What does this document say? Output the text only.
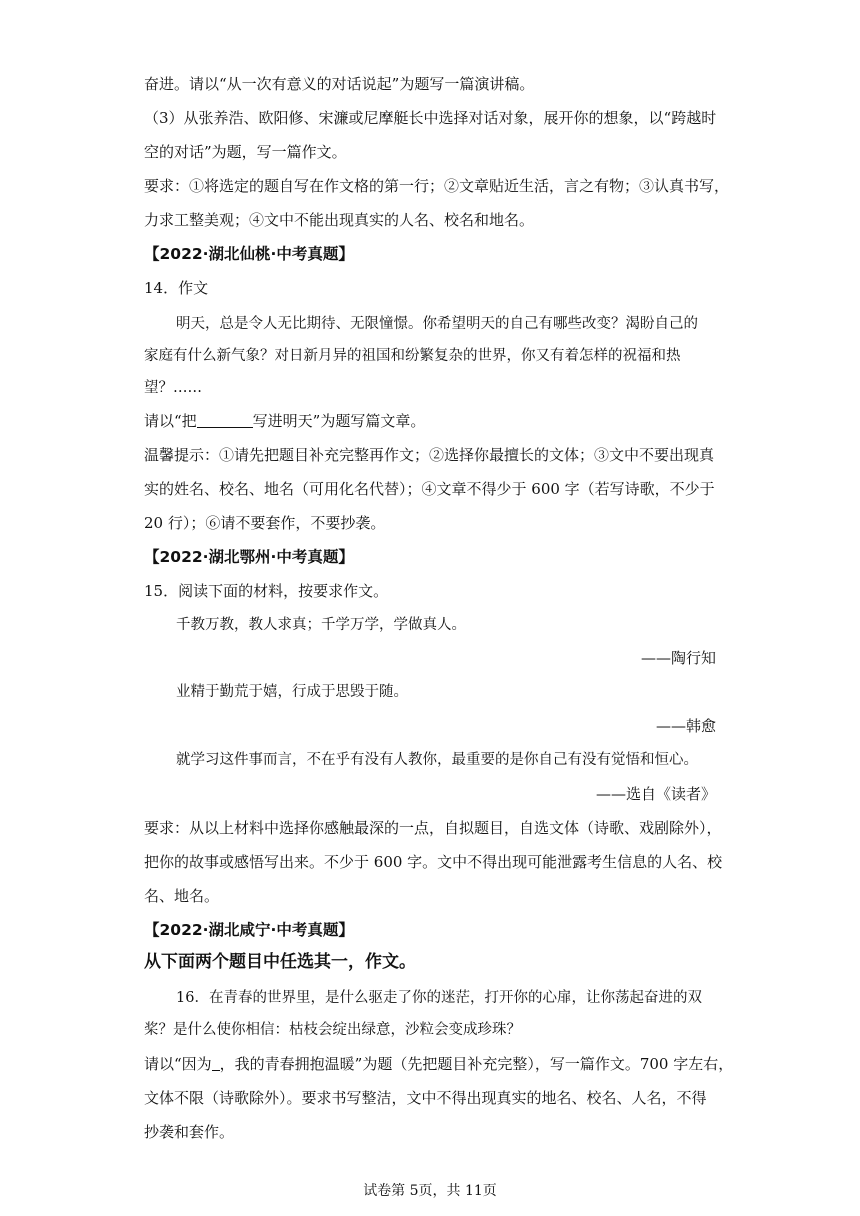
奋进。请以“从一次有意义的对话说起”为题写一篇演讲稿。
（3）从张养浩、欧阳修、宋濂或尼摩艇长中选择对话对象，展开你的想象，以“跨越时
空的对话”为题，写一篇作文。
要求：①将选定的题自写在作文格的第一行；②文章贴近生活，言之有物；③认真书写，
力求工整美观；④文中不能出现真实的人名、校名和地名。
【2022·湖北仙桃·中考真题】
14．作文
明天，总是令人无比期待、无限憧憬。你希望明天的自己有哪些改变？渴盼自己的
家庭有什么新气象？对日新月异的祖国和纷繁复杂的世界，你又有着怎样的祝福和热
望？……
请以“把	写进明天”为题写篇文章。
温馨提示：①请先把题目补充完整再作文；②选择你最擅长的文体；③文中不要出现真
实的姓名、校名、地名（可用化名代替）；④文章不得少于 600 字（若写诗歌，不少于
20 行）；⑥请不要套作，不要抄袭。
【2022·湖北鄂州·中考真题】
15．阅读下面的材料，按要求作文。
千教万教，教人求真；千学万学，学做真人。
——陶行知
业精于勤荒于嬉，行成于思毁于随。
——韩愈
就学习这件事而言，不在乎有没有人教你，最重要的是你自己有没有觉悟和恒心。
——选自《读者》
要求：从以上材料中选择你感触最深的一点，自拟题目，自选文体（诗歌、戏剧除外），
把你的故事或感悟写出来。不少于 600 字。文中不得出现可能泄露考生信息的人名、校
名、地名。
【2022·湖北咸宁·中考真题】
从下面两个题目中任选其一，作文。
16．在青春的世界里，是什么驱走了你的迷茫，打开你的心扉，让你荡起奋进的双
桨？是什么使你相信：枯枝会绽出绿意，沙粒会变成珍珠？
请以“因为 ，我的青春拥抱温暖”为题（先把题目补充完整），写一篇作文。700 字左右，
文体不限（诗歌除外）。要求书写整洁，文中不得出现真实的地名、校名、人名，不得
抄袭和套作。
试卷第 5页，共 11页
